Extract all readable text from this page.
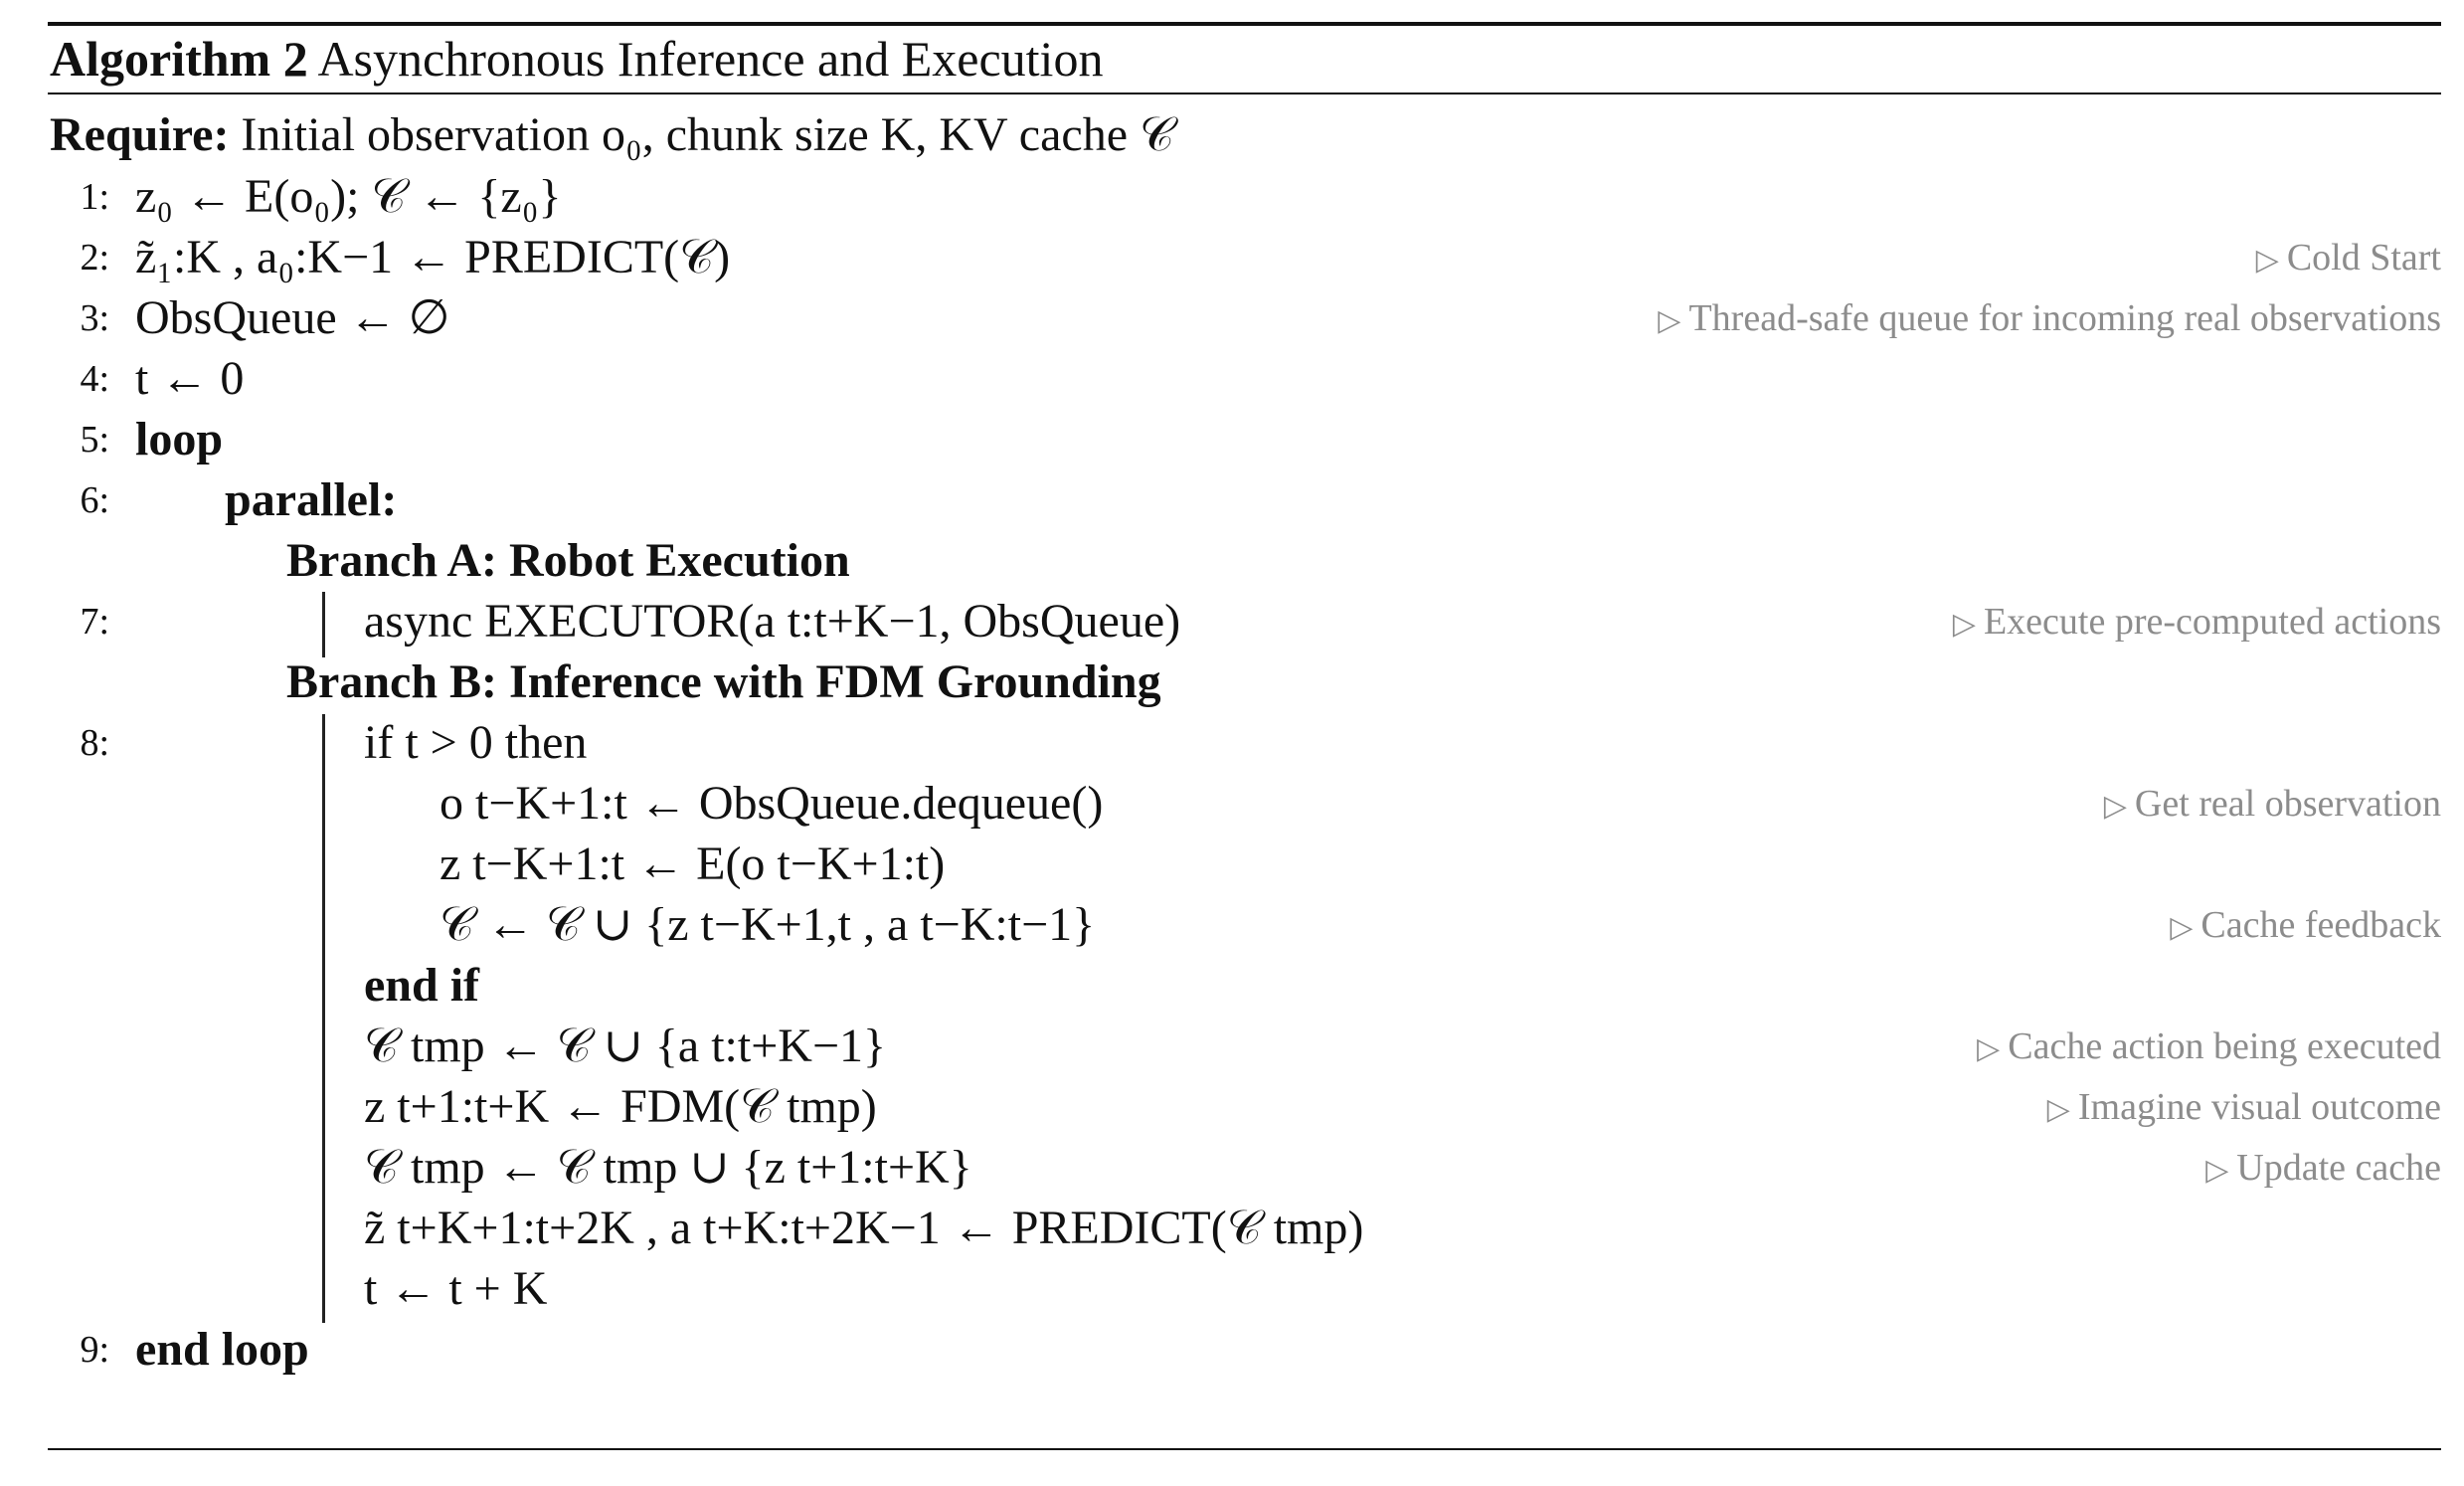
Algorithm 2 Asynchronous Inference and Execution
Require: Initial observation o₀, chunk size K, KV cache 𝒞
1: z₀ ← E(o₀); 𝒞 ← {z₀}
2: z̃₁:K , a₀:K−1 ← PREDICT(𝒞)	▷ Cold Start
3: ObsQueue ← ∅	▷ Thread-safe queue for incoming real observations
4: t ← 0
5: loop
6: parallel:
Branch A: Robot Execution
7:	async EXECUTOR(a t:t+K−1, ObsQueue)	▷ Execute pre-computed actions
Branch B: Inference with FDM Grounding
8:	if t > 0 then
o t−K+1:t ← ObsQueue.dequeue()	▷ Get real observation
z t−K+1:t ← E(o t−K+1:t)
𝒞 ← 𝒞 ∪ {z t−K+1,t , a t−K:t−1}	▷ Cache feedback
end if
𝒞 tmp ← 𝒞 ∪ {a t:t+K−1}	▷ Cache action being executed
z t+1:t+K ← FDM(𝒞 tmp)	▷ Imagine visual outcome
𝒞 tmp ← 𝒞 tmp ∪ {z t+1:t+K}	▷ Update cache
z̃ t+K+1:t+2K , a t+K:t+2K−1 ← PREDICT(𝒞 tmp)
t ← t + K
9: end loop
